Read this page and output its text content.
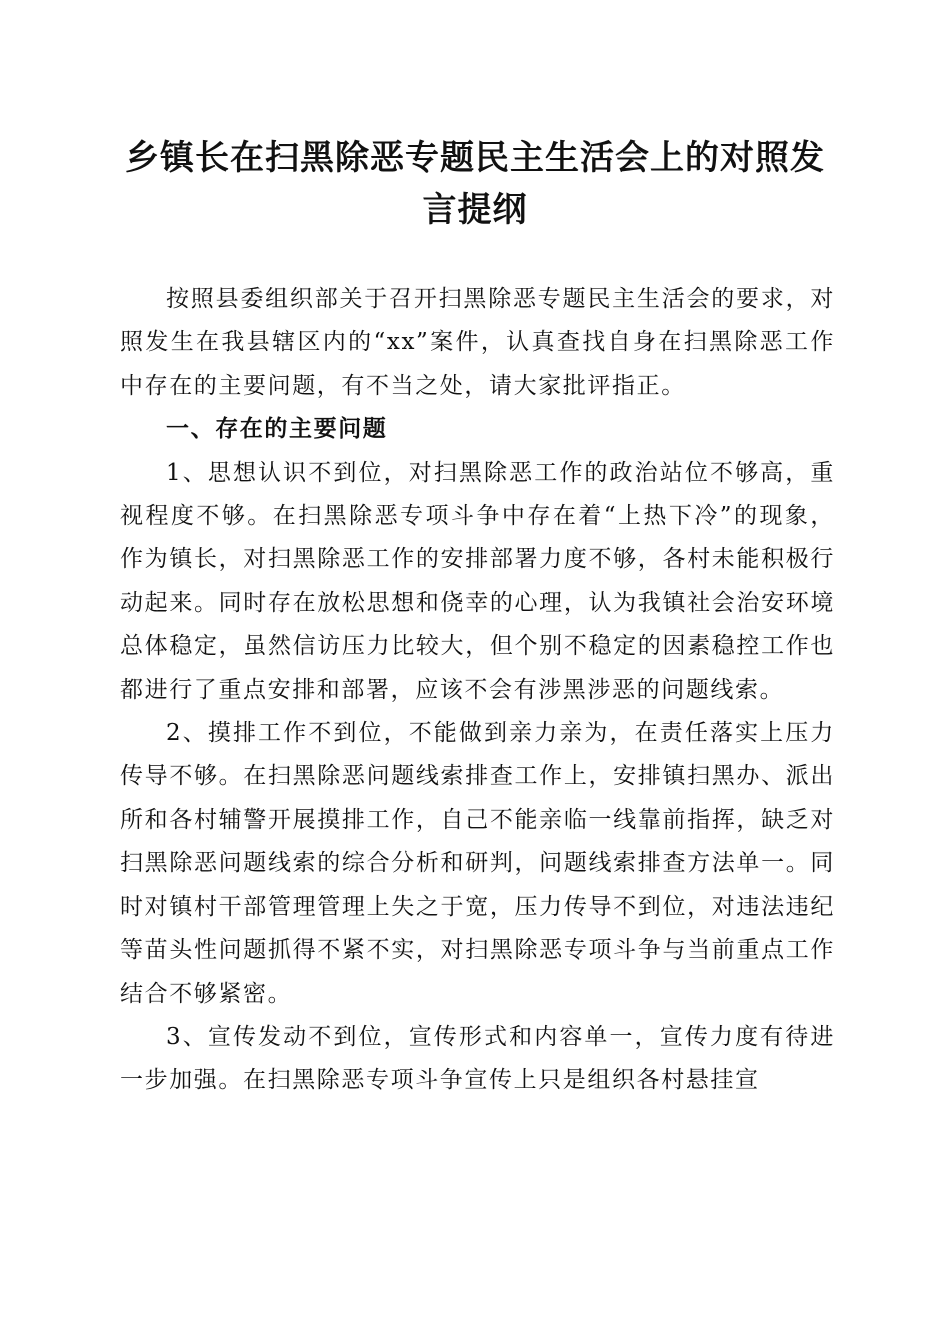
乡镇长在扫黑除恶专题民主生活会上的对照发言提纲

按照县委组织部关于召开扫黑除恶专题民主生活会的要求，对照发生在我县辖区内的“xx”案件，认真查找自身在扫黑除恶工作中存在的主要问题，有不当之处，请大家批评指正。

一、存在的主要问题

1、思想认识不到位，对扫黑除恶工作的政治站位不够高，重视程度不够。在扫黑除恶专项斗争中存在着“上热下冷”的现象，作为镇长，对扫黑除恶工作的安排部署力度不够，各村未能积极行动起来。同时存在放松思想和侥幸的心理，认为我镇社会治安环境总体稳定，虽然信访压力比较大，但个别不稳定的因素稳控工作也都进行了重点安排和部署，应该不会有涉黑涉恶的问题线索。

2、摸排工作不到位，不能做到亲力亲为，在责任落实上压力传导不够。在扫黑除恶问题线索排查工作上，安排镇扫黑办、派出所和各村辅警开展摸排工作，自己不能亲临一线靠前指挥，缺乏对扫黑除恶问题线索的综合分析和研判，问题线索排查方法单一。同时对镇村干部管理管理上失之于宽，压力传导不到位，对违法违纪等苗头性问题抓得不紧不实，对扫黑除恶专项斗争与当前重点工作结合不够紧密。

3、宣传发动不到位，宣传形式和内容单一，宣传力度有待进一步加强。在扫黑除恶专项斗争宣传上只是组织各村悬挂宣
